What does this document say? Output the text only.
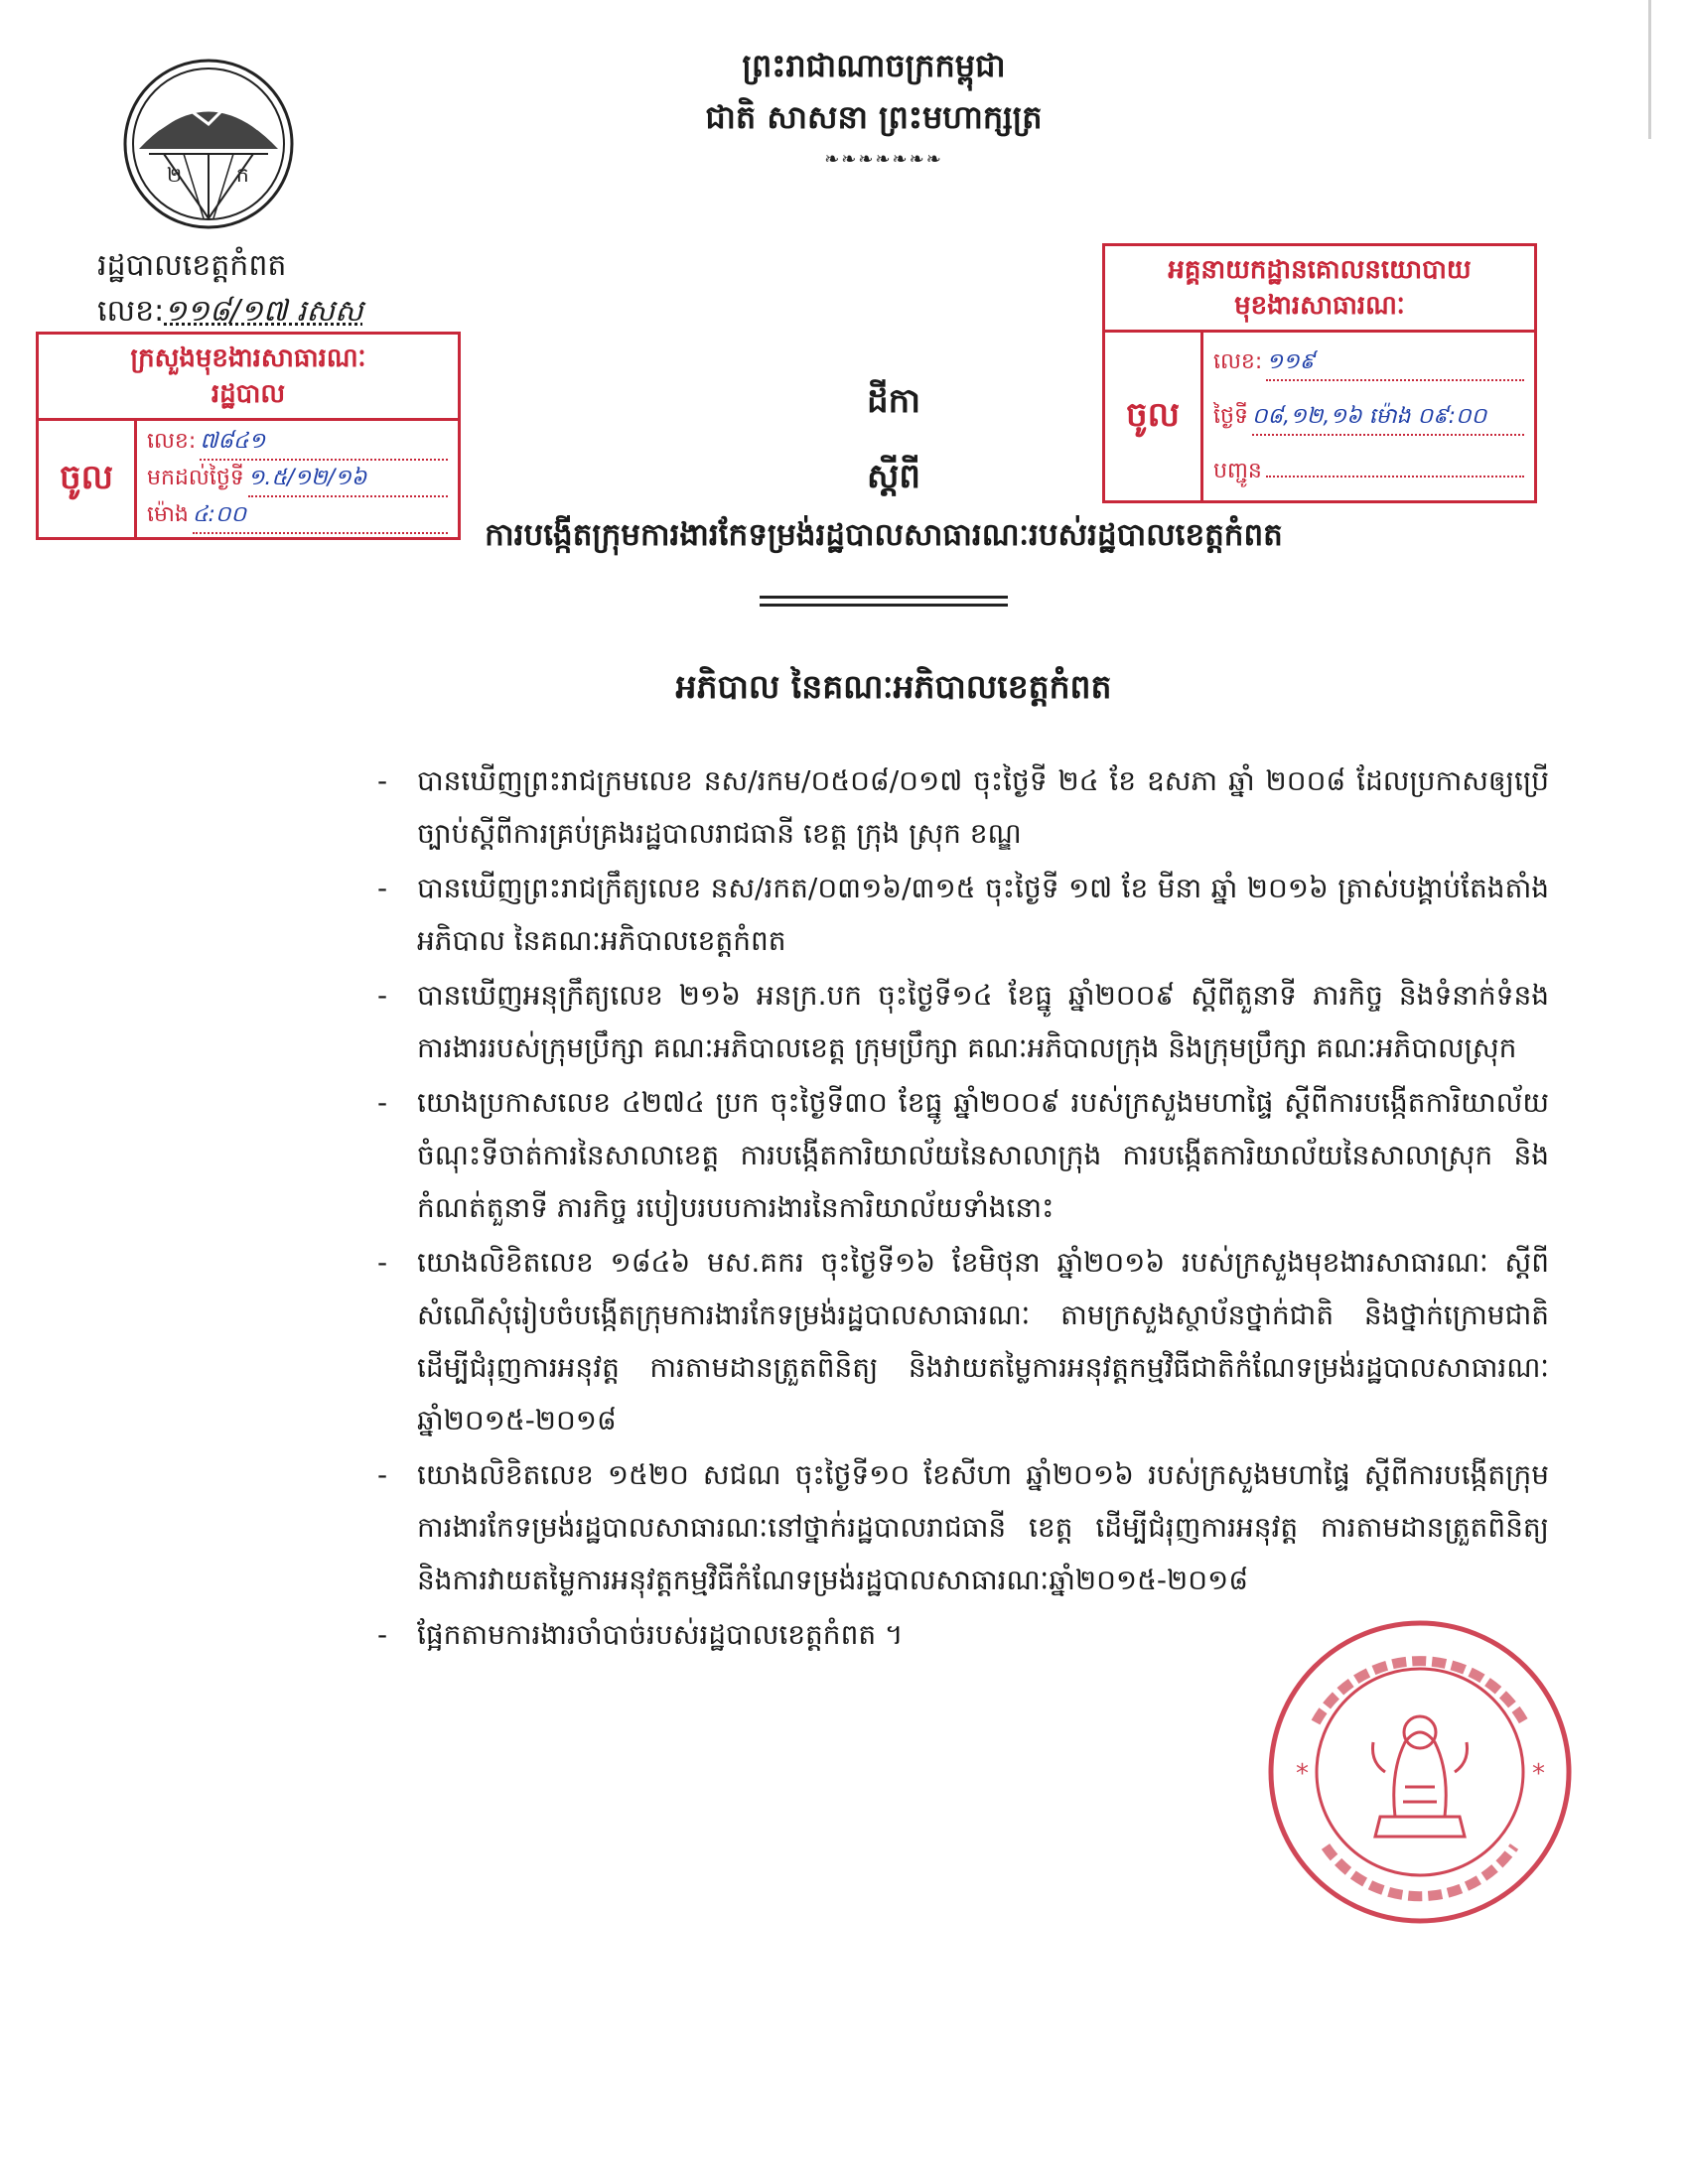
២	ក
ព្រះរាជាណាចក្រកម្ពុជា
ជាតិ សាសនា ព្រះមហាក្សត្រ
❧❧❧❧❧❧❧
រដ្ឋបាលខេត្តកំពត
លេខ:១១៨/១៧ រសស
ក្រសួងមុខងារសាធារណៈ
រដ្ឋបាល
ចូល
លេខ: ៧៨៤១
មកដល់ថ្ងៃទី ១.៥/១២/១៦
ម៉ោង ៤:០០
អគ្គនាយកដ្ឋានគោលនយោបាយ
មុខងារសាធារណៈ
ចូល
លេខ: ១១៩
ថ្ងៃទី ០៨,១២,១៦ ម៉ោង ០៩:០០
បញ្ជូន
ដីកា
ស្តីពី
ការបង្កើតក្រុមការងារកែទម្រង់រដ្ឋបាលសាធារណៈរបស់រដ្ឋបាលខេត្តកំពត
អភិបាល នៃគណៈអភិបាលខេត្តកំពត
- បានឃើញព្រះរាជក្រមលេខ នស/រកម/០៥០៨/០១៧ ចុះថ្ងៃទី ២៤ ខែ ឧសភា ឆ្នាំ ២០០៨ ដែលប្រកាសឲ្យប្រើច្បាប់ស្តីពីការគ្រប់គ្រងរដ្ឋបាលរាជធានី ខេត្ត ក្រុង ស្រុក ខណ្ឌ
- បានឃើញព្រះរាជក្រឹត្យលេខ នស/រកត/០៣១៦/៣១៥ ចុះថ្ងៃទី ១៧ ខែ មីនា ឆ្នាំ ២០១៦ ត្រាស់បង្គាប់តែងតាំងអភិបាល នៃគណៈអភិបាលខេត្តកំពត
- បានឃើញអនុក្រឹត្យលេខ ២១៦ អនក្រ.បក ចុះថ្ងៃទី១៤ ខែធ្នូ ឆ្នាំ២០០៩ ស្តីពីតួនាទី ភារកិច្ច និងទំនាក់ទំនងការងាររបស់ក្រុមប្រឹក្សា គណៈអភិបាលខេត្ត ក្រុមប្រឹក្សា គណៈអភិបាលក្រុង និងក្រុមប្រឹក្សា គណៈអភិបាលស្រុក
- យោងប្រកាសលេខ ៤២៧៤ ប្រក ចុះថ្ងៃទី៣០ ខែធ្នូ ឆ្នាំ២០០៩ របស់ក្រសួងមហាផ្ទៃ ស្តីពីការបង្កើតការិយាល័យចំណុះទីចាត់ការនៃសាលាខេត្ត ការបង្កើតការិយាល័យនៃសាលាក្រុង ការបង្កើតការិយាល័យនៃសាលាស្រុក និងកំណត់តួនាទី ភារកិច្ច របៀបរបបការងារនៃការិយាល័យទាំងនោះ
- យោងលិខិតលេខ ១៨៤៦ មស.គករ ចុះថ្ងៃទី១៦ ខែមិថុនា ឆ្នាំ២០១៦ របស់ក្រសួងមុខងារសាធារណៈ ស្តីពីសំណើសុំរៀបចំបង្កើតក្រុមការងារកែទម្រង់រដ្ឋបាលសាធារណៈ តាមក្រសួងស្ថាប័នថ្នាក់ជាតិ និងថ្នាក់ក្រោមជាតិដើម្បីជំរុញការអនុវត្ត ការតាមដានត្រួតពិនិត្យ និងវាយតម្លៃការអនុវត្តកម្មវិធីជាតិកំណែទម្រង់រដ្ឋបាលសាធារណៈឆ្នាំ២០១៥-២០១៨
- យោងលិខិតលេខ ១៥២០ សជណ ចុះថ្ងៃទី១០ ខែសីហា ឆ្នាំ២០១៦ របស់ក្រសួងមហាផ្ទៃ ស្តីពីការបង្កើតក្រុមការងារកែទម្រង់រដ្ឋបាលសាធារណៈនៅថ្នាក់រដ្ឋបាលរាជធានី ខេត្ត ដើម្បីជំរុញការអនុវត្ត ការតាមដានត្រួតពិនិត្យ និងការវាយតម្លៃការអនុវត្តកម្មវិធីកំណែទម្រង់រដ្ឋបាលសាធារណៈឆ្នាំ២០១៥-២០១៨
- ផ្អែកតាមការងារចាំបាច់របស់រដ្ឋបាលខេត្តកំពត ។
*	*
